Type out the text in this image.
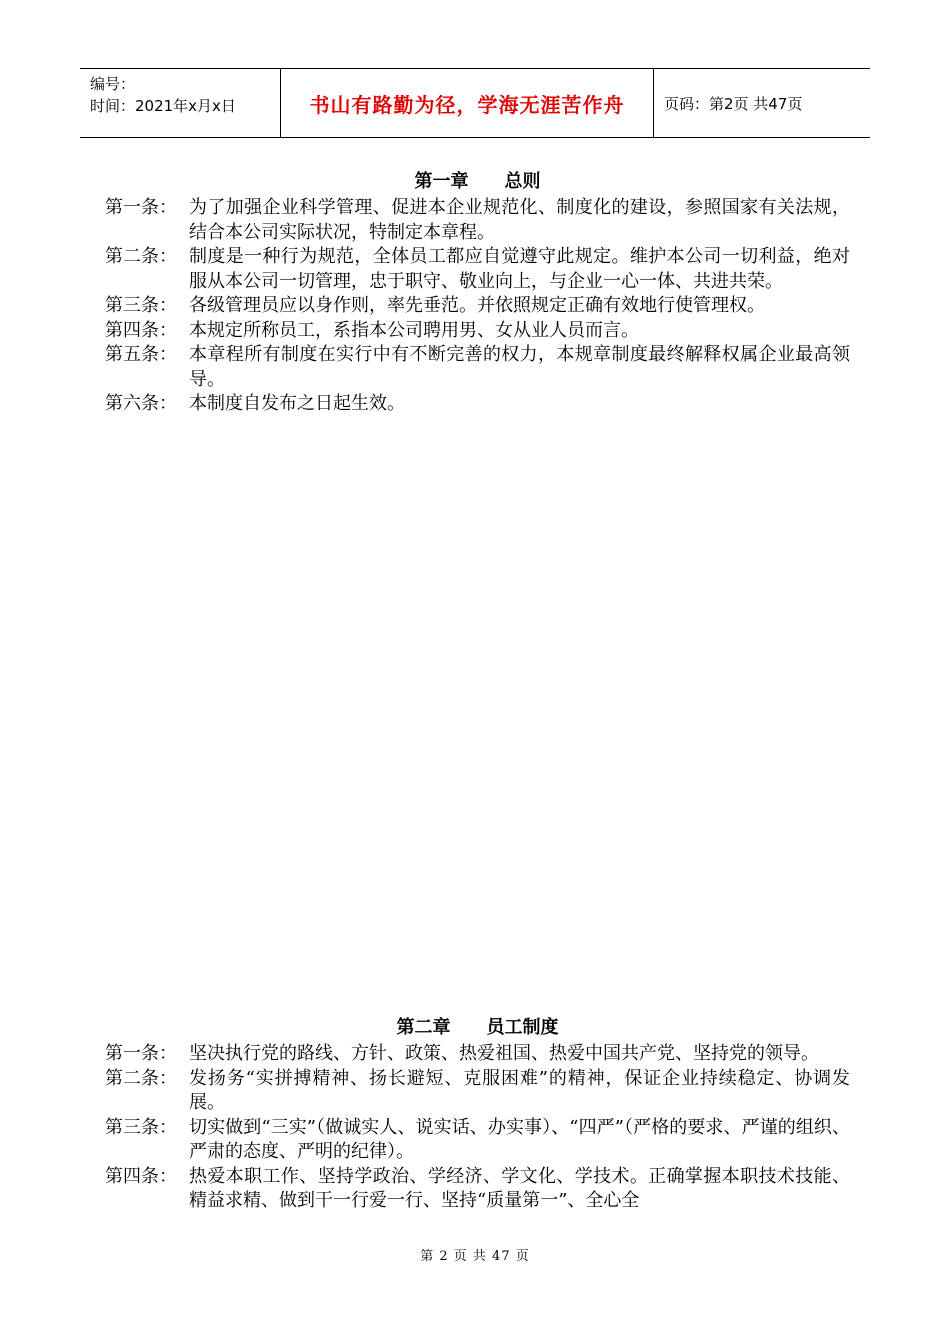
编号：
时间：2021年x月x日	书山有路勤为径，学海无涯苦作舟	页码：第2页 共47页
第一章　　总则
第一条： 为了加强企业科学管理、促进本企业规范化、制度化的建设，参照国家有关法规，结合本公司实际状况，特制定本章程。
第二条： 制度是一种行为规范，全体员工都应自觉遵守此规定。维护本公司一切利益，绝对服从本公司一切管理，忠于职守、敬业向上，与企业一心一体、共进共荣。
第三条： 各级管理员应以身作则，率先垂范。并依照规定正确有效地行使管理权。
第四条： 本规定所称员工，系指本公司聘用男、女从业人员而言。
第五条： 本章程所有制度在实行中有不断完善的权力，本规章制度最终解释权属企业最高领导。
第六条： 本制度自发布之日起生效。
第二章　　员工制度
第一条： 坚决执行党的路线、方针、政策、热爱祖国、热爱中国共产党、坚持党的领导。
第二条： 发扬务“实拼搏精神、扬长避短、克服困难”的精神，保证企业持续稳定、协调发展。
第三条： 切实做到“三实”（做诚实人、说实话、办实事）、“四严”（严格的要求、严谨的组织、严肃的态度、严明的纪律）。
第四条： 热爱本职工作、坚持学政治、学经济、学文化、学技术。正确掌握本职技术技能、精益求精、做到干一行爱一行、坚持“质量第一”、全心全
第 2 页 共 47 页
